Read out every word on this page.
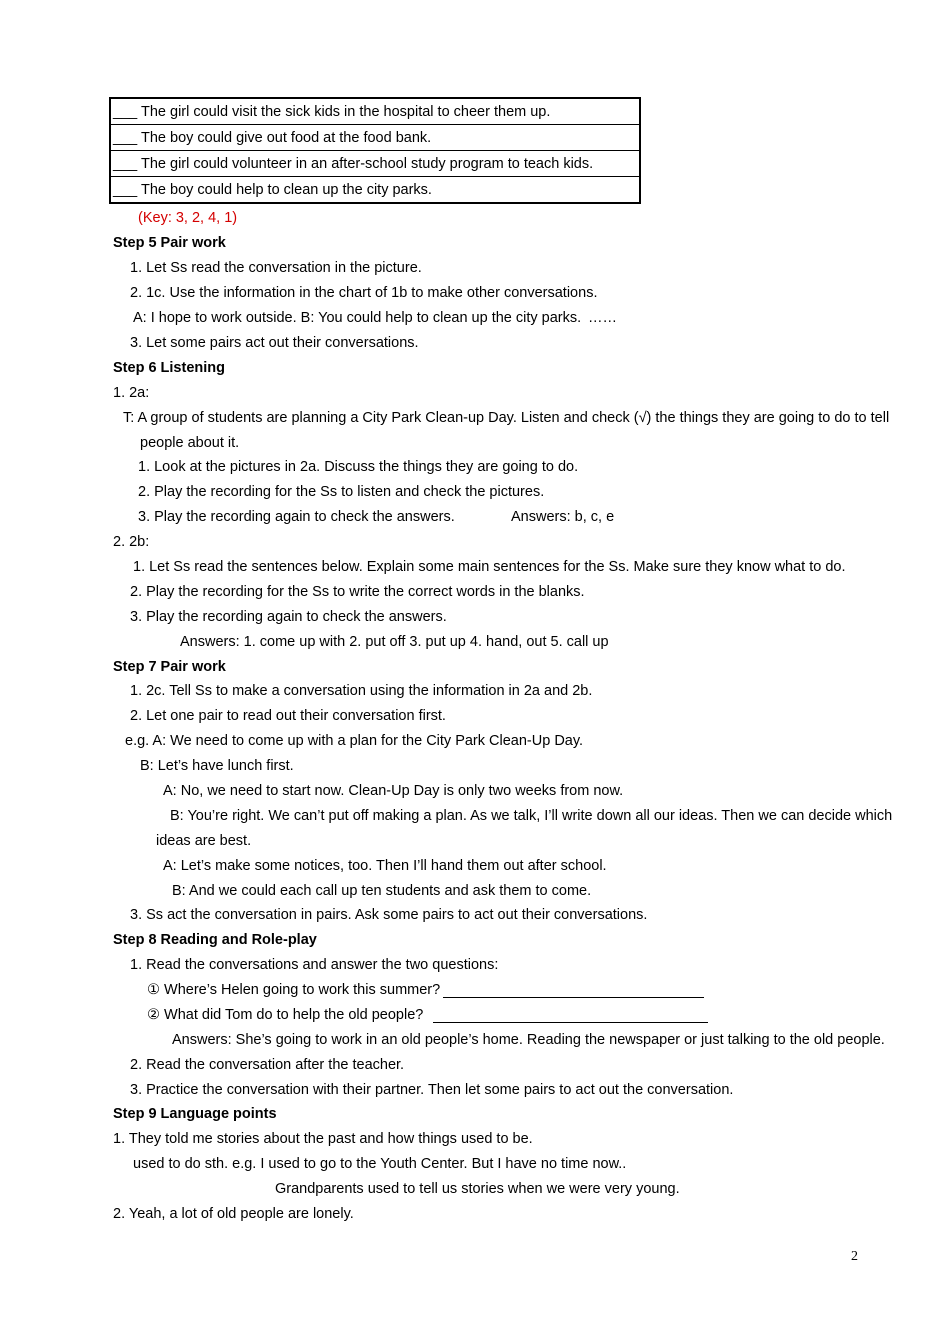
___ The girl could visit the sick kids in the hospital to cheer them up.
___ The boy could give out food at the food bank.
___ The girl could volunteer in an after-school study program to teach kids.
___ The boy could help to clean up the city parks.
(Key: 3, 2, 4, 1)
Step 5 Pair work
1. Let Ss read the conversation in the picture.
2. 1c. Use the information in the chart of 1b to make other conversations.
A: I hope to work outside. B: You could help to clean up the city parks. ……
3. Let some pairs act out their conversations.
Step 6 Listening
1. 2a:
T: A group of students are planning a City Park Clean-up Day. Listen and check (√) the things they are going to do to tell
people about it.
1. Look at the pictures in 2a. Discuss the things they are going to do.
2. Play the recording for the Ss to listen and check the pictures.
3. Play the recording again to check the answers.	Answers: b, c, e
2. 2b:
1. Let Ss read the sentences below. Explain some main sentences for the Ss. Make sure they know what to do.
2. Play the recording for the Ss to write the correct words in the blanks.
3. Play the recording again to check the answers.
Answers: 1. come up with 2. put off 3. put up 4. hand, out 5. call up
Step 7 Pair work
1. 2c. Tell Ss to make a conversation using the information in 2a and 2b.
2. Let one pair to read out their conversation first.
e.g. A: We need to come up with a plan for the City Park Clean-Up Day.
B: Let’s have lunch first.
A: No, we need to start now. Clean-Up Day is only two weeks from now.
B: You’re right. We can’t put off making a plan. As we talk, I’ll write down all our ideas. Then we can decide which
ideas are best.
A: Let’s make some notices, too. Then I’ll hand them out after school.
B: And we could each call up ten students and ask them to come.
3. Ss act the conversation in pairs. Ask some pairs to act out their conversations.
Step 8 Reading and Role-play
1. Read the conversations and answer the two questions:
① Where’s Helen going to work this summer?
② What did Tom do to help the old people?
Answers: She’s going to work in an old people’s home. Reading the newspaper or just talking to the old people.
2. Read the conversation after the teacher.
3. Practice the conversation with their partner. Then let some pairs to act out the conversation.
Step 9 Language points
1. They told me stories about the past and how things used to be.
used to do sth. e.g. I used to go to the Youth Center. But I have no time now..
Grandparents used to tell us stories when we were very young.
2. Yeah, a lot of old people are lonely.
2
